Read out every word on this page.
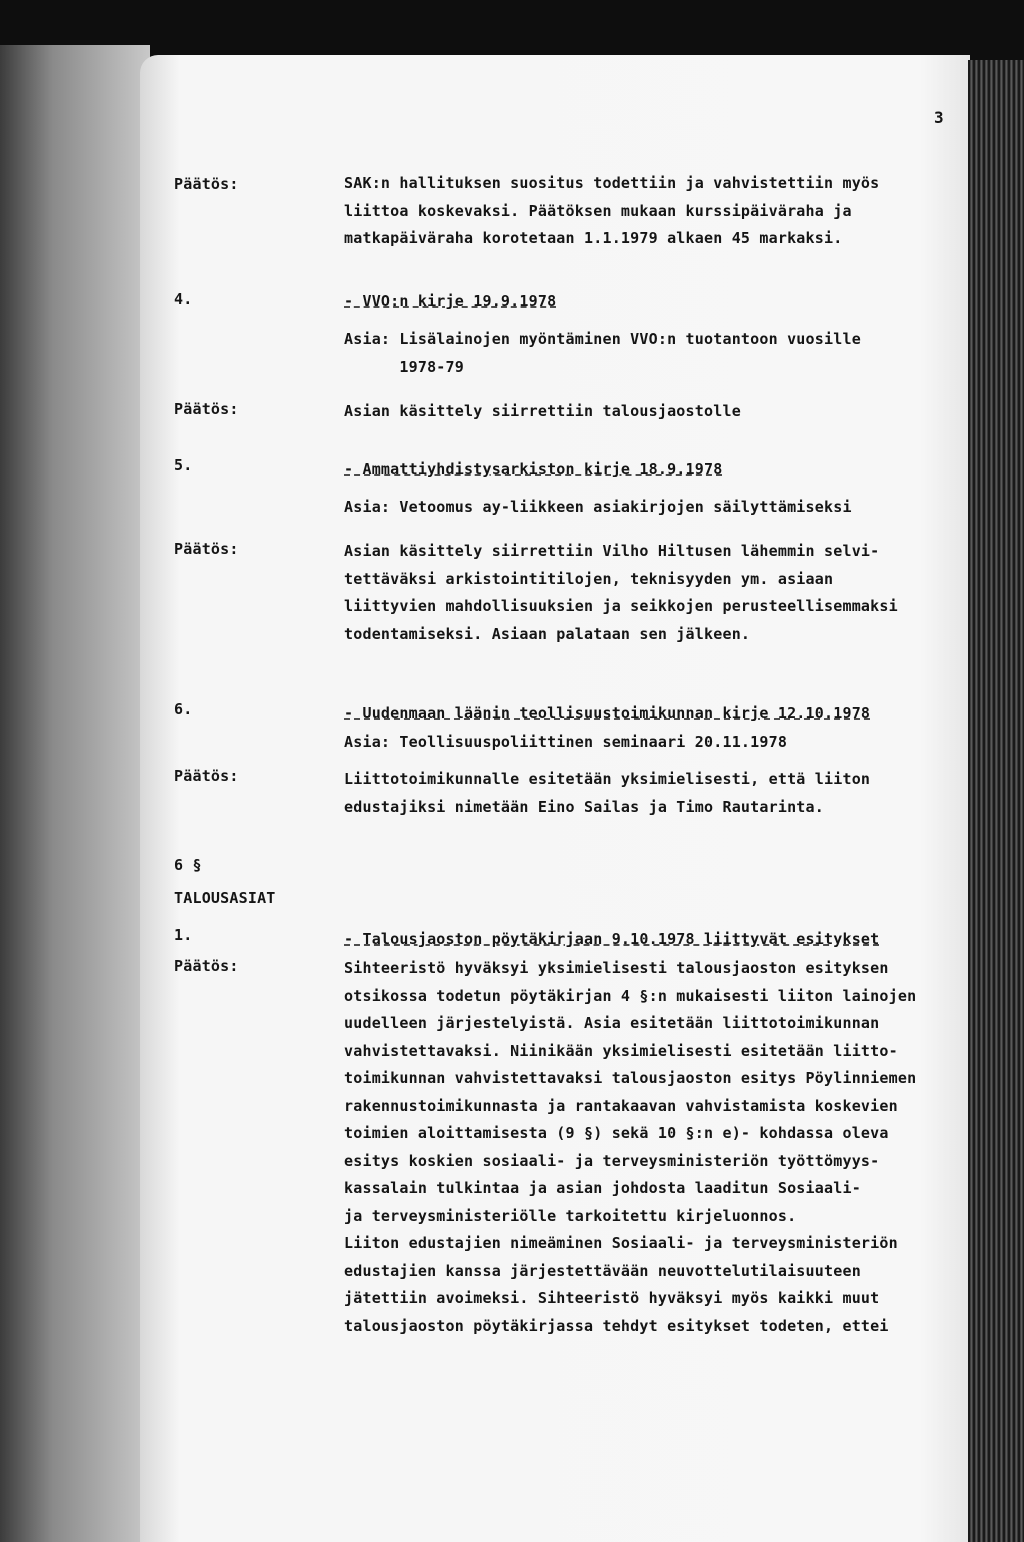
3
Päätös:
4.
Päätös:
5.
Päätös:
6.
Päätös:
6 §
TALOUSASIAT
1.
Päätös:
SAK:n hallituksen suositus todettiin ja vahvistettiin myös
liittoa koskevaksi. Päätöksen mukaan kurssipäiväraha ja
matkapäiväraha korotetaan 1.1.1979 alkaen 45 markaksi.
- VVO:n kirje 19.9.1978
Asia: Lisälainojen myöntäminen VVO:n tuotantoon vuosille
1978-79
Asian käsittely siirrettiin talousjaostolle
- Ammattiyhdistysarkiston kirje 18.9.1978
Asia: Vetoomus ay-liikkeen asiakirjojen säilyttämiseksi
Asian käsittely siirrettiin Vilho Hiltusen lähemmin selvi-
tettäväksi arkistointitilojen, teknisyyden ym. asiaan
liittyvien mahdollisuuksien ja seikkojen perusteellisemmaksi
todentamiseksi. Asiaan palataan sen jälkeen.
- Uudenmaan läänin teollisuustoimikunnan kirje 12.10.1978
Asia: Teollisuuspoliittinen seminaari 20.11.1978
Liittotoimikunnalle esitetään yksimielisesti, että liiton
edustajiksi nimetään Eino Sailas ja Timo Rautarinta.
- Talousjaoston pöytäkirjaan 9.10.1978 liittyvät esitykset
Sihteeristö hyväksyi yksimielisesti talousjaoston esityksen
otsikossa todetun pöytäkirjan 4 §:n mukaisesti liiton lainojen
uudelleen järjestelyistä. Asia esitetään liittotoimikunnan
vahvistettavaksi. Niinikään yksimielisesti esitetään liitto-
toimikunnan vahvistettavaksi talousjaoston esitys Pöylinniemen
rakennustoimikunnasta ja rantakaavan vahvistamista koskevien
toimien aloittamisesta (9 §) sekä 10 §:n e)- kohdassa oleva
esitys koskien sosiaali- ja terveysministeriön työttömyys-
kassalain tulkintaa ja asian johdosta laaditun Sosiaali-
ja terveysministeriölle tarkoitettu kirjeluonnos.
Liiton edustajien nimeäminen Sosiaali- ja terveysministeriön
edustajien kanssa järjestettävään neuvottelutilaisuuteen
jätettiin avoimeksi. Sihteeristö hyväksyi myös kaikki muut
talousjaoston pöytäkirjassa tehdyt esitykset todeten, ettei
